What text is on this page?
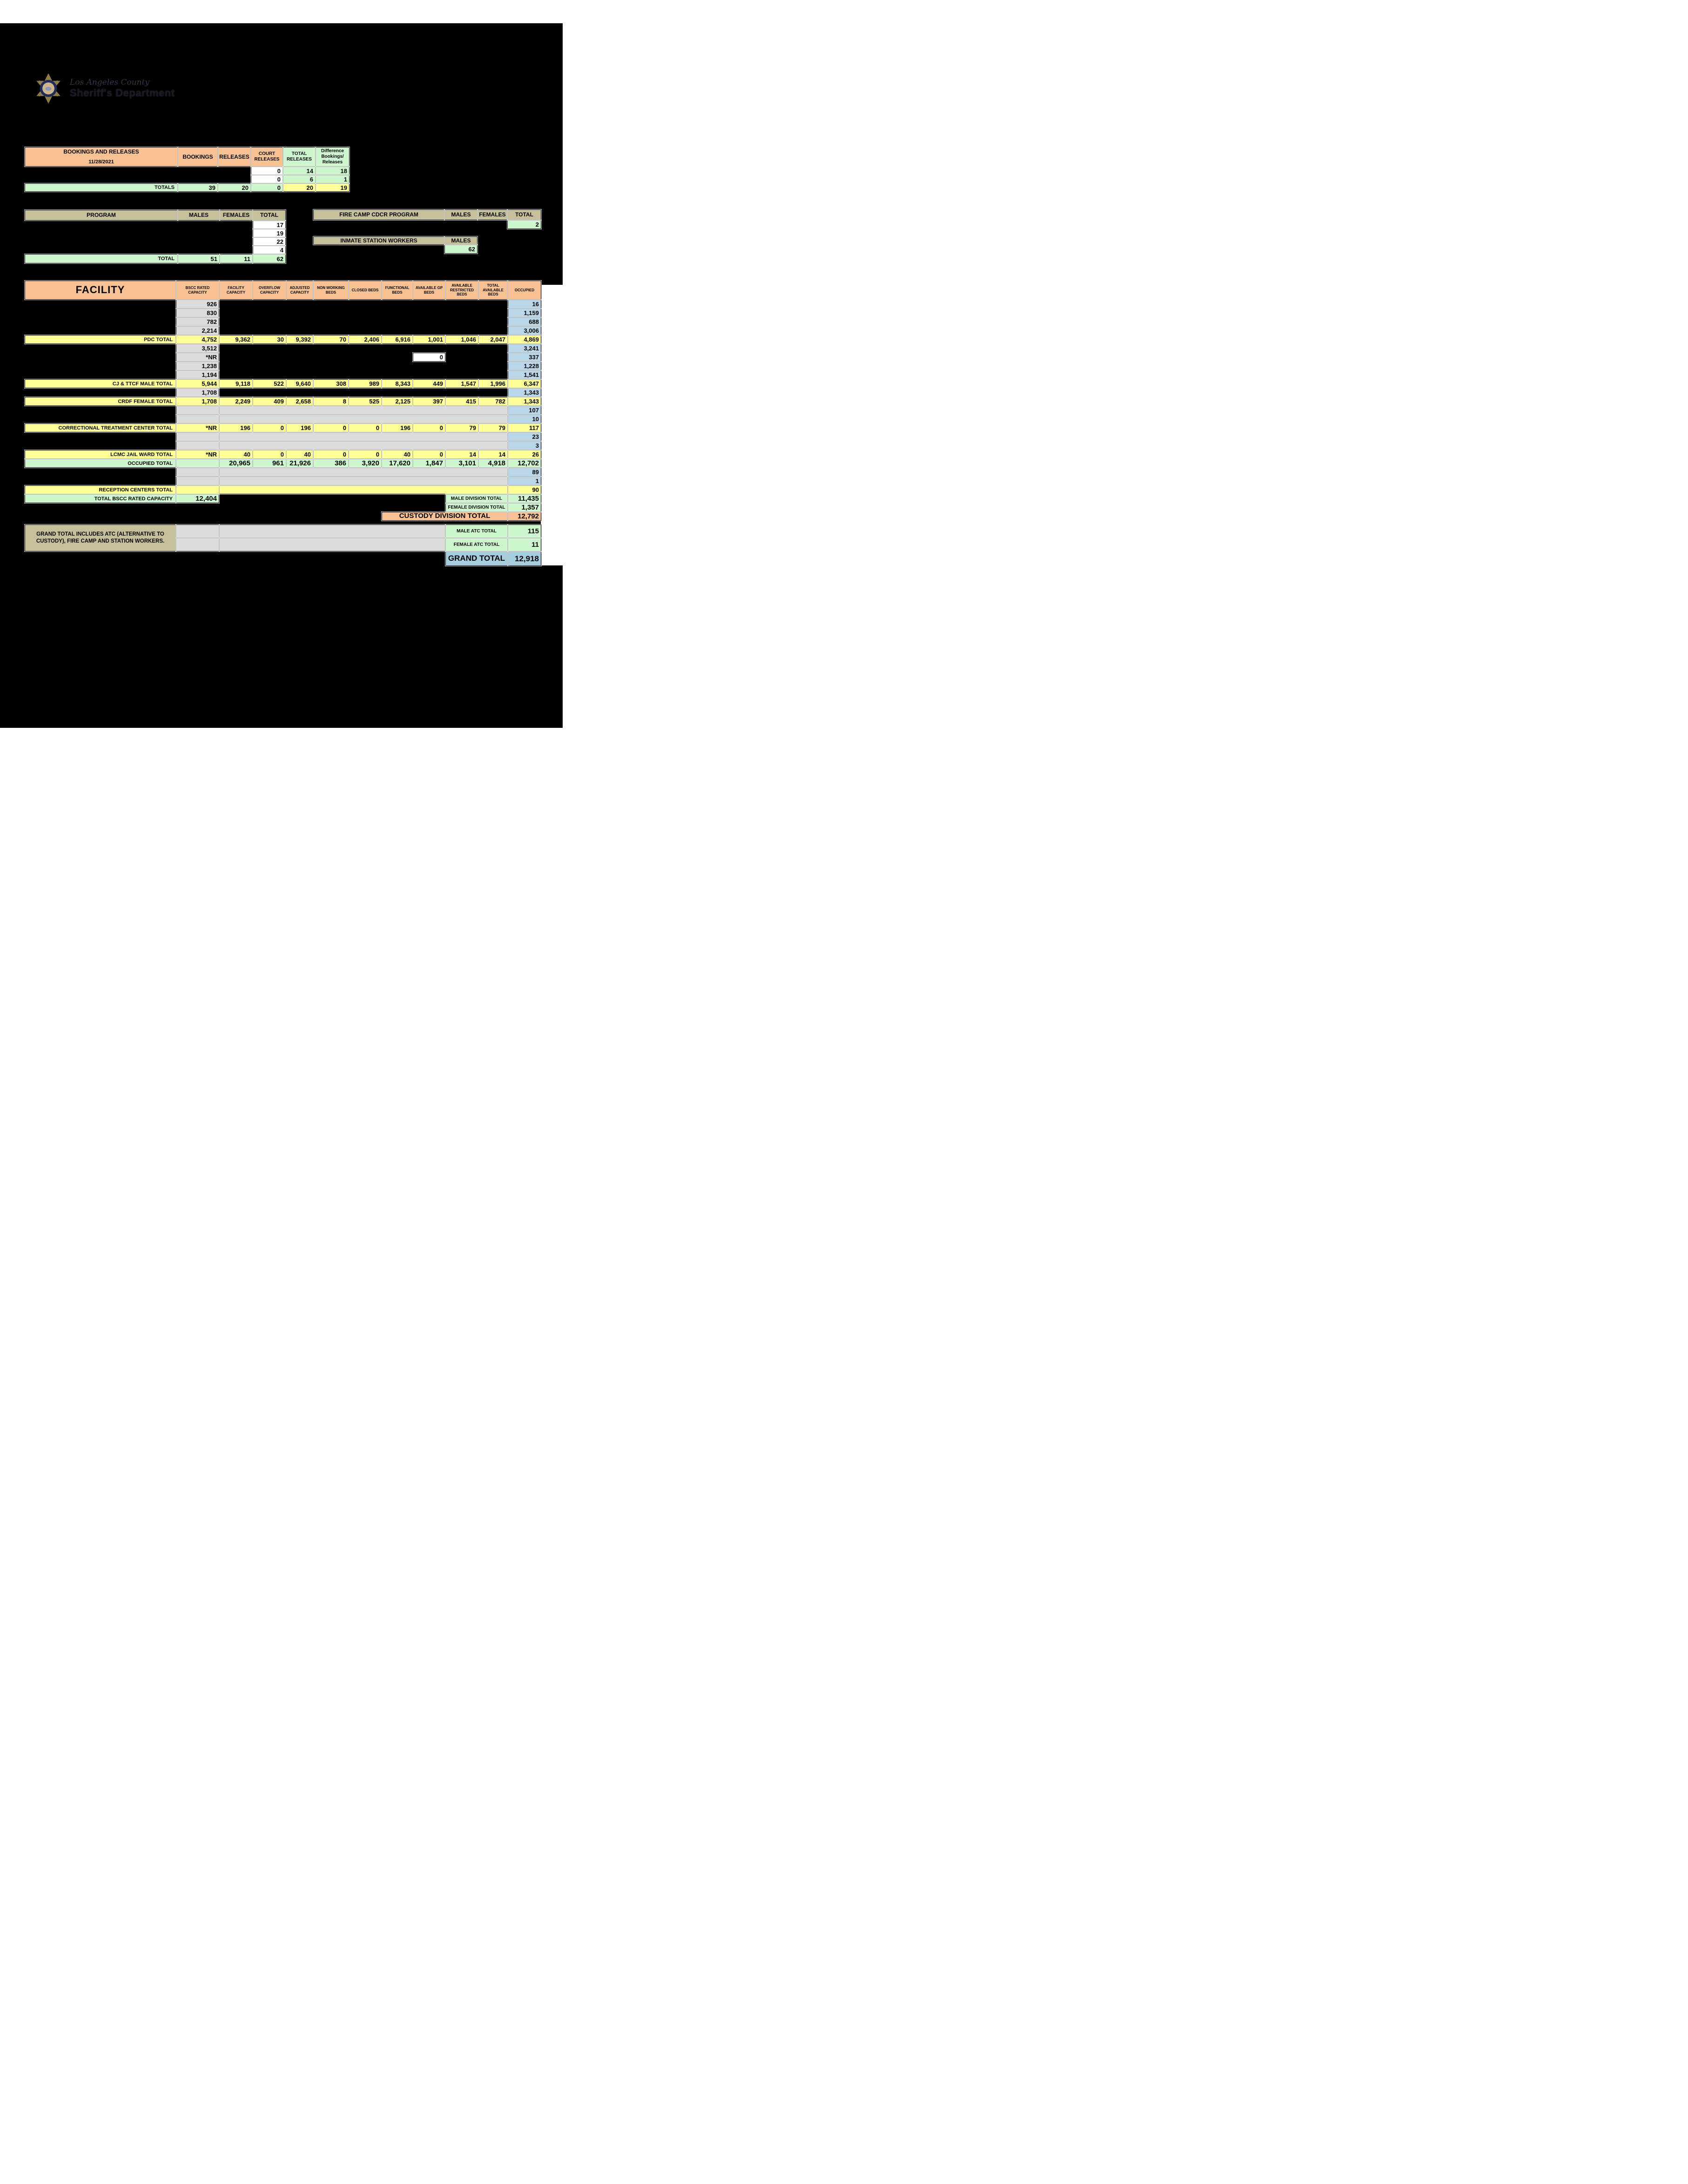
Los Angeles County
Sheriff's Department
BOOKINGS AND RELEASES
11/28/2021	BOOKINGS	RELEASES	COURT RELEASES	TOTAL RELEASES	Difference Bookings/ Releases
			0	14	18
			0	6	1
TOTALS	39	20	0	20	19
PROGRAM	MALES	FEMALES	TOTAL
			17
			19
			22
			4
TOTAL	51	11	62
FIRE CAMP CDCR PROGRAM	MALES	FEMALES	TOTAL
			2
INMATE STATION WORKERS	MALES
	62
FACILITY	BSCC RATED CAPACITY	FACILITY CAPACITY	OVERFLOW CAPACITY	ADJUSTED CAPACITY	NON WORKING BEDS	CLOSED BEDS	FUNCTIONAL BEDS	AVAILABLE GP BEDS	AVAILABLE RESTRICTED BEDS	TOTAL AVAILABLE BEDS	OCCUPIED
	926										16
	830										1,159
	782										688
	2,214										3,006
PDC TOTAL	4,752	9,362	30	9,392	70	2,406	6,916	1,001	1,046	2,047	4,869
	3,512										3,241
	*NR							0			337
	1,238										1,228
	1,194										1,541
CJ & TTCF MALE TOTAL	5,944	9,118	522	9,640	308	989	8,343	449	1,547	1,996	6,347
	1,708										1,343
CRDF FEMALE TOTAL	1,708	2,249	409	2,658	8	525	2,125	397	415	782	1,343
											107
											10
CORRECTIONAL TREATMENT CENTER TOTAL	*NR	196	0	196	0	0	196	0	79	79	117
											23
											3
LCMC JAIL WARD TOTAL	*NR	40	0	40	0	0	40	0	14	14	26
OCCUPIED TOTAL		20,965	961	21,926	386	3,920	17,620	1,847	3,101	4,918	12,702
											89
											1
RECEPTION CENTERS TOTAL											90
TOTAL BSCC RATED CAPACITY	12,404								MALE DIVISION TOTAL		11,435
									FEMALE DIVISION TOTAL		1,357
							CUSTODY DIVISION TOTAL				12,792
GRAND TOTAL INCLUDES ATC (ALTERNATIVE TO CUSTODY), FIRE CAMP AND STATION WORKERS.			MALE ATC TOTAL	115
			FEMALE ATC TOTAL	11
			GRAND TOTAL	12,918
